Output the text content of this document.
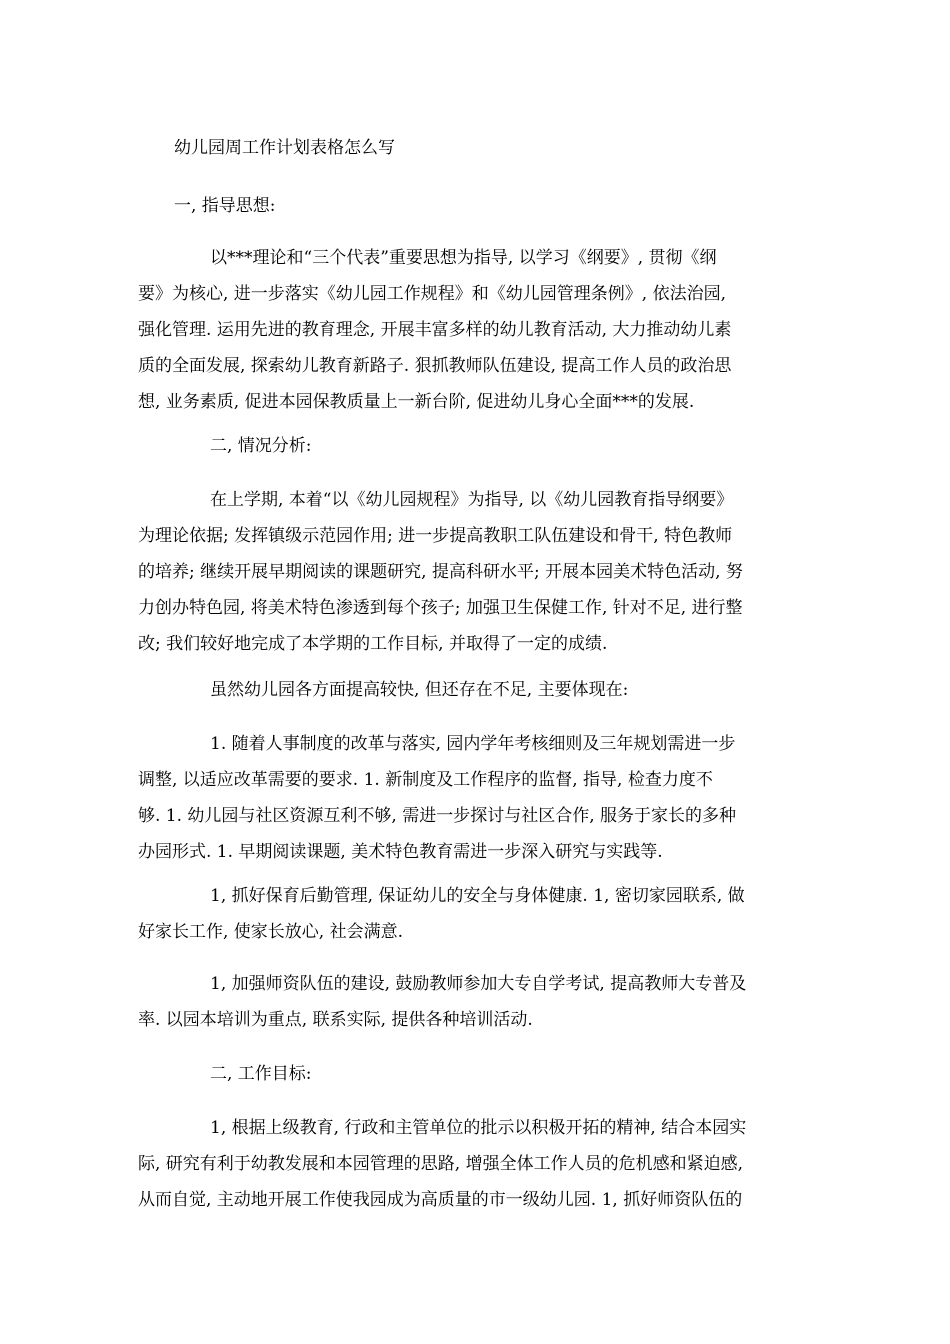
幼儿园周工作计划表格怎么写
一, 指导思想:
以***理论和“三个代表”重要思想为指导, 以学习《纲要》, 贯彻《纲
要》为核心, 进一步落实《幼儿园工作规程》和《幼儿园管理条例》, 依法治园,
强化管理. 运用先进的教育理念, 开展丰富多样的幼儿教育活动, 大力推动幼儿素
质的全面发展, 探索幼儿教育新路子. 狠抓教师队伍建设, 提高工作人员的政治思
想, 业务素质, 促进本园保教质量上一新台阶, 促进幼儿身心全面***的发展.
二, 情况分析:
在上学期, 本着“以《幼儿园规程》为指导, 以《幼儿园教育指导纲要》
为理论依据; 发挥镇级示范园作用; 进一步提高教职工队伍建设和骨干, 特色教师
的培养; 继续开展早期阅读的课题研究, 提高科研水平; 开展本园美术特色活动, 努
力创办特色园, 将美术特色渗透到每个孩子; 加强卫生保健工作, 针对不足, 进行整
改; 我们较好地完成了本学期的工作目标, 并取得了一定的成绩.
虽然幼儿园各方面提高较快, 但还存在不足, 主要体现在:
1. 随着人事制度的改革与落实, 园内学年考核细则及三年规划需进一步
调整, 以适应改革需要的要求. 1. 新制度及工作程序的监督, 指导, 检查力度不
够. 1. 幼儿园与社区资源互利不够, 需进一步探讨与社区合作, 服务于家长的多种
办园形式. 1. 早期阅读课题, 美术特色教育需进一步深入研究与实践等.
1, 抓好保育后勤管理, 保证幼儿的安全与身体健康. 1, 密切家园联系, 做
好家长工作, 使家长放心, 社会满意.
1, 加强师资队伍的建设, 鼓励教师参加大专自学考试, 提高教师大专普及
率. 以园本培训为重点, 联系实际, 提供各种培训活动.
二, 工作目标:
1, 根据上级教育, 行政和主管单位的批示以积极开拓的精神, 结合本园实
际, 研究有利于幼教发展和本园管理的思路, 增强全体工作人员的危机感和紧迫感,
从而自觉, 主动地开展工作使我园成为高质量的市一级幼儿园. 1, 抓好师资队伍的
